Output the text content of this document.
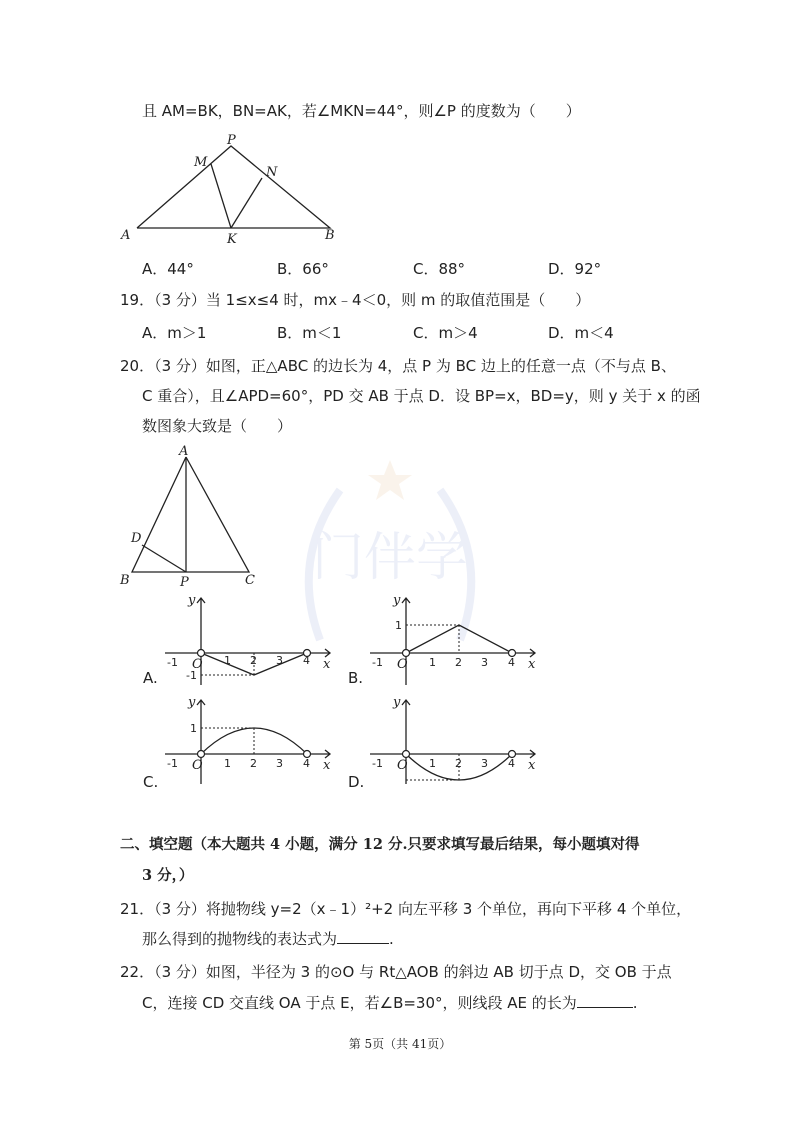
门伴学
且 AM=BK，BN=AK，若∠MKN=44°，则∠P 的度数为（　　）
P
M
N
A	K	B
A．44°	B．66°	C．88°	D．92°
19．（3 分）当 1≤x≤4 时，mx﹣4＜0，则 m 的取值范围是（　　）
A．m＞1	B．m＜1	C．m＞4	D．m＜4
20．（3 分）如图，正△ABC 的边长为 4，点 P 为 BC 边上的任意一点（不与点 B、
C 重合），且∠APD=60°，PD 交 AB 于点 D．设 BP=x，BD=y，则 y 关于 x 的函
数图象大致是（　　）
A
D
B	P	C
y
x
O
-1	1 2 3 4
-1
A.
y
x
O
-1	1 2 3 4
1
B.
y
x
O
-1	1 2 3 4
1
C.
y
x
O
-1	1 2 3 4
D.
二、填空题（本大题共 4 小题，满分 12 分.只要求填写最后结果，每小题填对得
3 分，）
21．（3 分）将抛物线 y=2（x﹣1）²+2 向左平移 3 个单位，再向下平移 4 个单位，
那么得到的抛物线的表达式为	.
22．（3 分）如图，半径为 3 的⊙O 与 Rt△AOB 的斜边 AB 切于点 D，交 OB 于点
C，连接 CD 交直线 OA 于点 E，若∠B=30°，则线段 AE 的长为	.
第 5页（共 41页）
